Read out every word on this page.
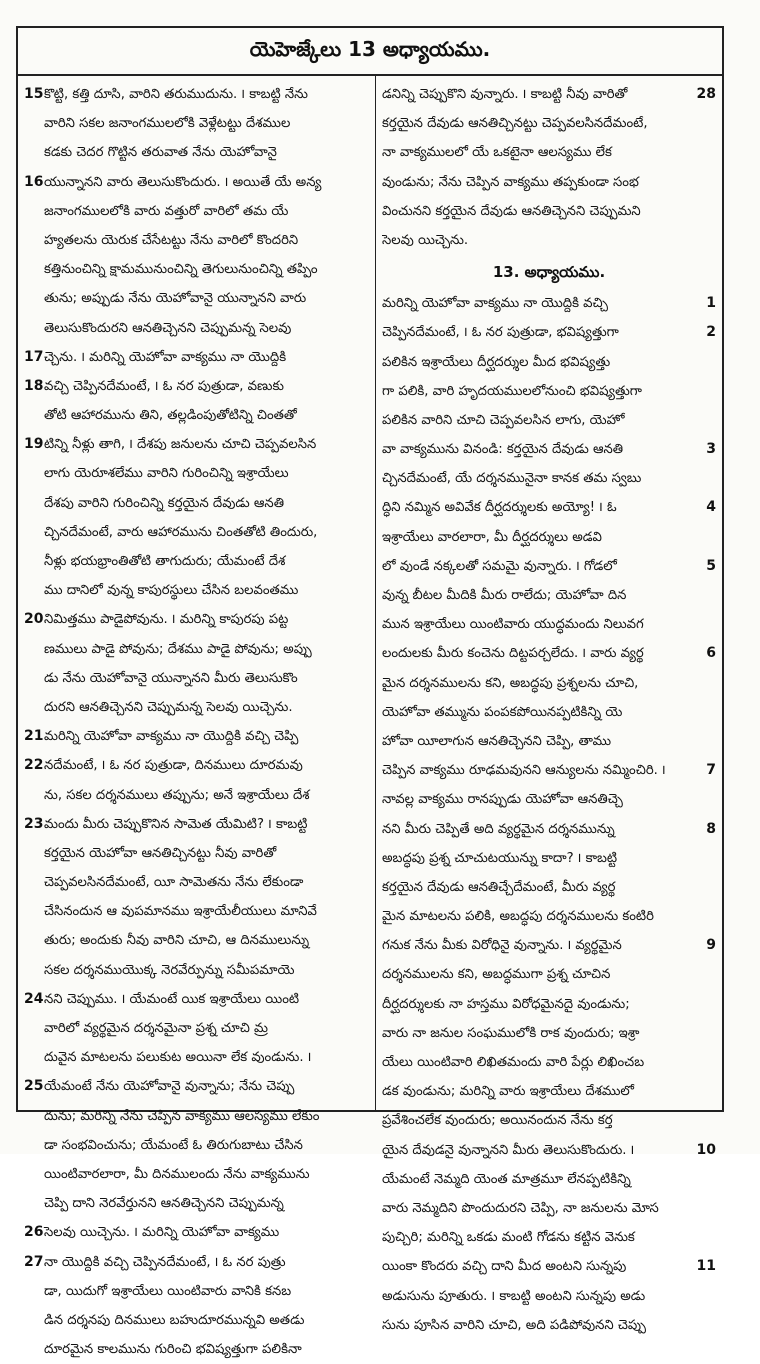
యెహెజ్కేలు 13 అధ్యాయము.
కొట్టి, కత్తి దూసి, వారిని తరుముదును. ౹ కాబట్టి నేను
15
వారిని సకల జనాంగములలోకి వెళ్లేటట్టు దేశముల
కడకు చెదర గొట్టిన తరువాత నేను యెహోవానై
యున్నానని వారు తెలుసుకొందురు. ౹ అయితే యే అన్య
16
జనాంగములలోకి వారు వత్తురో వారిలో తమ యే
హ్యతలను యెరుక చేసేటట్టు నేను వారిలో కొందరిని
కత్తినుంచిన్ని క్షామమునుంచిన్ని తెగులునుంచిన్ని తప్పిం
తును; అప్పుడు నేను యెహోవానై యున్నానని వారు
తెలుసుకొందురని ఆనతిచ్చెనని చెప్పుమన్న సెలవు
చ్చెను. ౹ మరిన్ని యెహోవా వాక్యము నా యొద్దికి
17
వచ్చి చెప్పినదేమంటే, ౹ ఓ నర పుత్రుడా, వణుకు
18
తోటి ఆహారమును తిని, తల్లడింపుతోటిన్ని చింతతో
టిన్ని నీళ్లు తాగి, ౹ దేశపు జనులను చూచి చెప్పవలసిన
19
లాగు యెరూశలేము వారిని గురించిన్ని ఇశ్రాయేలు
దేశపు వారిని గురించిన్ని కర్తయైన దేవుడు ఆనతి
చ్చినదేమంటే, వారు ఆహారమును చింతతోటి తిందురు,
నీళ్లు భయభ్రాంతితోటి తాగుదురు; యేమంటే దేశ
ము దానిలో వున్న కాపురస్థులు చేసిన బలవంతము
నిమిత్తము పాడైపోవును. ౹ మరిన్ని కాపురపు పట్ట
20
ణములు పాడై పోవును; దేశము పాడై పోవును; అప్పు
డు నేను యెహోవానై యున్నానని మీరు తెలుసుకొం
దురని ఆనతిచ్చెనని చెప్పుమన్న సెలవు యిచ్చెను.
మరిన్ని యెహోవా వాక్యము నా యొద్దికి వచ్చి చెప్పి
21
నదేమంటే, ౹ ఓ నర పుత్రుడా, దినములు దూరమవు
22
ను, సకల దర్శనములు తప్పును; అనే ఇశ్రాయేలు దేశ
మందు మీరు చెప్పుకొనిన సామెత యేమిటి? ౹ కాబట్టి
23
కర్తయైన యెహోవా ఆనతిచ్చినట్టు నీవు వారితో
చెప్పవలసినదేమంటే, యీ సామెతను నేను లేకుండా
చేసినందున ఆ వుపమానము ఇశ్రాయేలీయులు మానివే
తురు; అందుకు నీవు వారిని చూచి, ఆ దినములున్ను
సకల దర్శనముయొక్క నెరవేర్పున్ను సమీపమాయె
నని చెప్పుము. ౹ యేమంటే యిక ఇశ్రాయేలు యింటి
24
వారిలో వ్యర్థమైన దర్శనమైనా ప్రశ్న చూచి మ్ర
దువైన మాటలను పలుకుట అయినా లేక వుండును. ౹
యేమంటే నేను యెహోవానై వున్నాను; నేను చెప్పు
25
దును; మరిన్ని నేను చెప్పిన వాక్యము ఆలస్యము లేకుం
డా సంభవించును; యేమంటే ఓ తిరుగుబాటు చేసిన
యింటివారలారా, మీ దినములందు నేను వాక్యమును
చెప్పి దాని నెరవేర్తునని ఆనతిచ్చెనని చెప్పుమన్న
సెలవు యిచ్చెను. ౹ మరిన్ని యెహోవా వాక్యము
26
నా యొద్దికి వచ్చి చెప్పినదేమంటే, ౹ ఓ నర పుత్రు
27
డా, యిదుగో ఇశ్రాయేలు యింటివారు వానికి కనబ
డిన దర్శనపు దినములు బహుదూరమున్నవి అతడు
దూరమైన కాలమును గురించి భవిష్యత్తుగా పలికినా
డనిన్ని చెప్పుకొని వున్నారు. ౹ కాబట్టి నీవు వారితో	28
కర్తయైన దేవుడు ఆనతిచ్చినట్టు చెప్పవలసినదేమంటే,
నా వాక్యములలో యే ఒకటైనా ఆలస్యము లేక
వుండును; నేను చెప్పిన వాక్యము తప్పకుండా సంభ
వించునని కర్తయైన దేవుడు ఆనతిచ్చెనని చెప్పుమని
సెలవు యిచ్చెను.
13. అధ్యాయము.
మరిన్ని యెహోవా వాక్యము నా యొద్దికి వచ్చి	1
చెప్పినదేమంటే, ౹ ఓ నర పుత్రుడా, భవిష్యత్తుగా	2
పలికిన ఇశ్రాయేలు దీర్ఘదర్శుల మీద భవిష్యత్తు
గా పలికి, వారి హృదయములలోనుంచి భవిష్యత్తుగా
పలికిన వారిని చూచి చెప్పవలసిన లాగు, యెహో
వా వాక్యమును వినండి: కర్తయైన దేవుడు ఆనతి	3
చ్చినదేమంటే, యే దర్శనమునైనా కానక తమ స్వబు
ద్ధిని నమ్మిన అవివేక దీర్ఘదర్శులకు అయ్యో! ౹ ఓ	4
ఇశ్రాయేలు వారలారా, మీ దీర్ఘదర్శులు అడవి
లో వుండే నక్కలతో సమమై వున్నారు. ౹ గోడలో	5
వున్న బీటల మీదికి మీరు రాలేదు; యెహోవా దిన
మున ఇశ్రాయేలు యింటివారు యుద్ధమందు నిలువగ
లందులకు మీరు కంచెను దిట్టపర్చలేదు. ౹ వారు వ్యర్థ	6
మైన దర్శనములను కని, అబద్ధపు ప్రశ్నలను చూచి,
యెహోవా తమ్మును పంపకపోయినప్పటికిన్ని యె
హోవా యీలాగున ఆనతిచ్చెనని చెప్పి, తాము
చెప్పిన వాక్యము రూఢమవునని ఆన్యులను నమ్మించిరి. ౹	7
నావల్ల వాక్యము రానప్పుడు యెహోవా ఆనతిచ్చె
నని మీరు చెప్పితే అది వ్యర్థమైన దర్శనమున్ను	8
అబద్ధపు ప్రశ్న చూచుటయున్ను కాదా? ౹ కాబట్టి
కర్తయైన దేవుడు ఆనతిచ్చేదేమంటే, మీరు వ్యర్థ
మైన మాటలను పలికి, అబద్ధపు దర్శనములను కంటిరి
గనుక నేను మీకు విరోధినై వున్నాను. ౹ వ్యర్థమైన	9
దర్శనములను కని, అబద్ధముగా ప్రశ్న చూచిన
దీర్ఘదర్శులకు నా హస్తము విరోధమైనదై వుండును;
వారు నా జనుల సంఘములోకి రాక వుందురు; ఇశ్రా
యేలు యింటివారి లిఖితమందు వారి పేర్లు లిఖించబ
డక వుండును; మరిన్ని వారు ఇశ్రాయేలు దేశములో
ప్రవేశించలేక వుందురు; అయినందున నేను కర్త
యైన దేవుడనై వున్నానని మీరు తెలుసుకొందురు. ౹	10
యేమంటే నెమ్మది యెంత మాత్రమూ లేనప్పటికిన్ని
వారు నెమ్మదిని పొందుదురని చెప్పి, నా జనులను మోస
పుచ్చిరి; మరిన్ని ఒకడు మంటి గోడను కట్టిన వెనుక
యింకా కొందరు వచ్చి దాని మీద అంటని సున్నపు	11
అడుసును పూతురు. ౹ కాబట్టి అంటని సున్నపు అడు
సును పూసిన వారిని చూచి, అది పడిపోవునని చెప్పు
